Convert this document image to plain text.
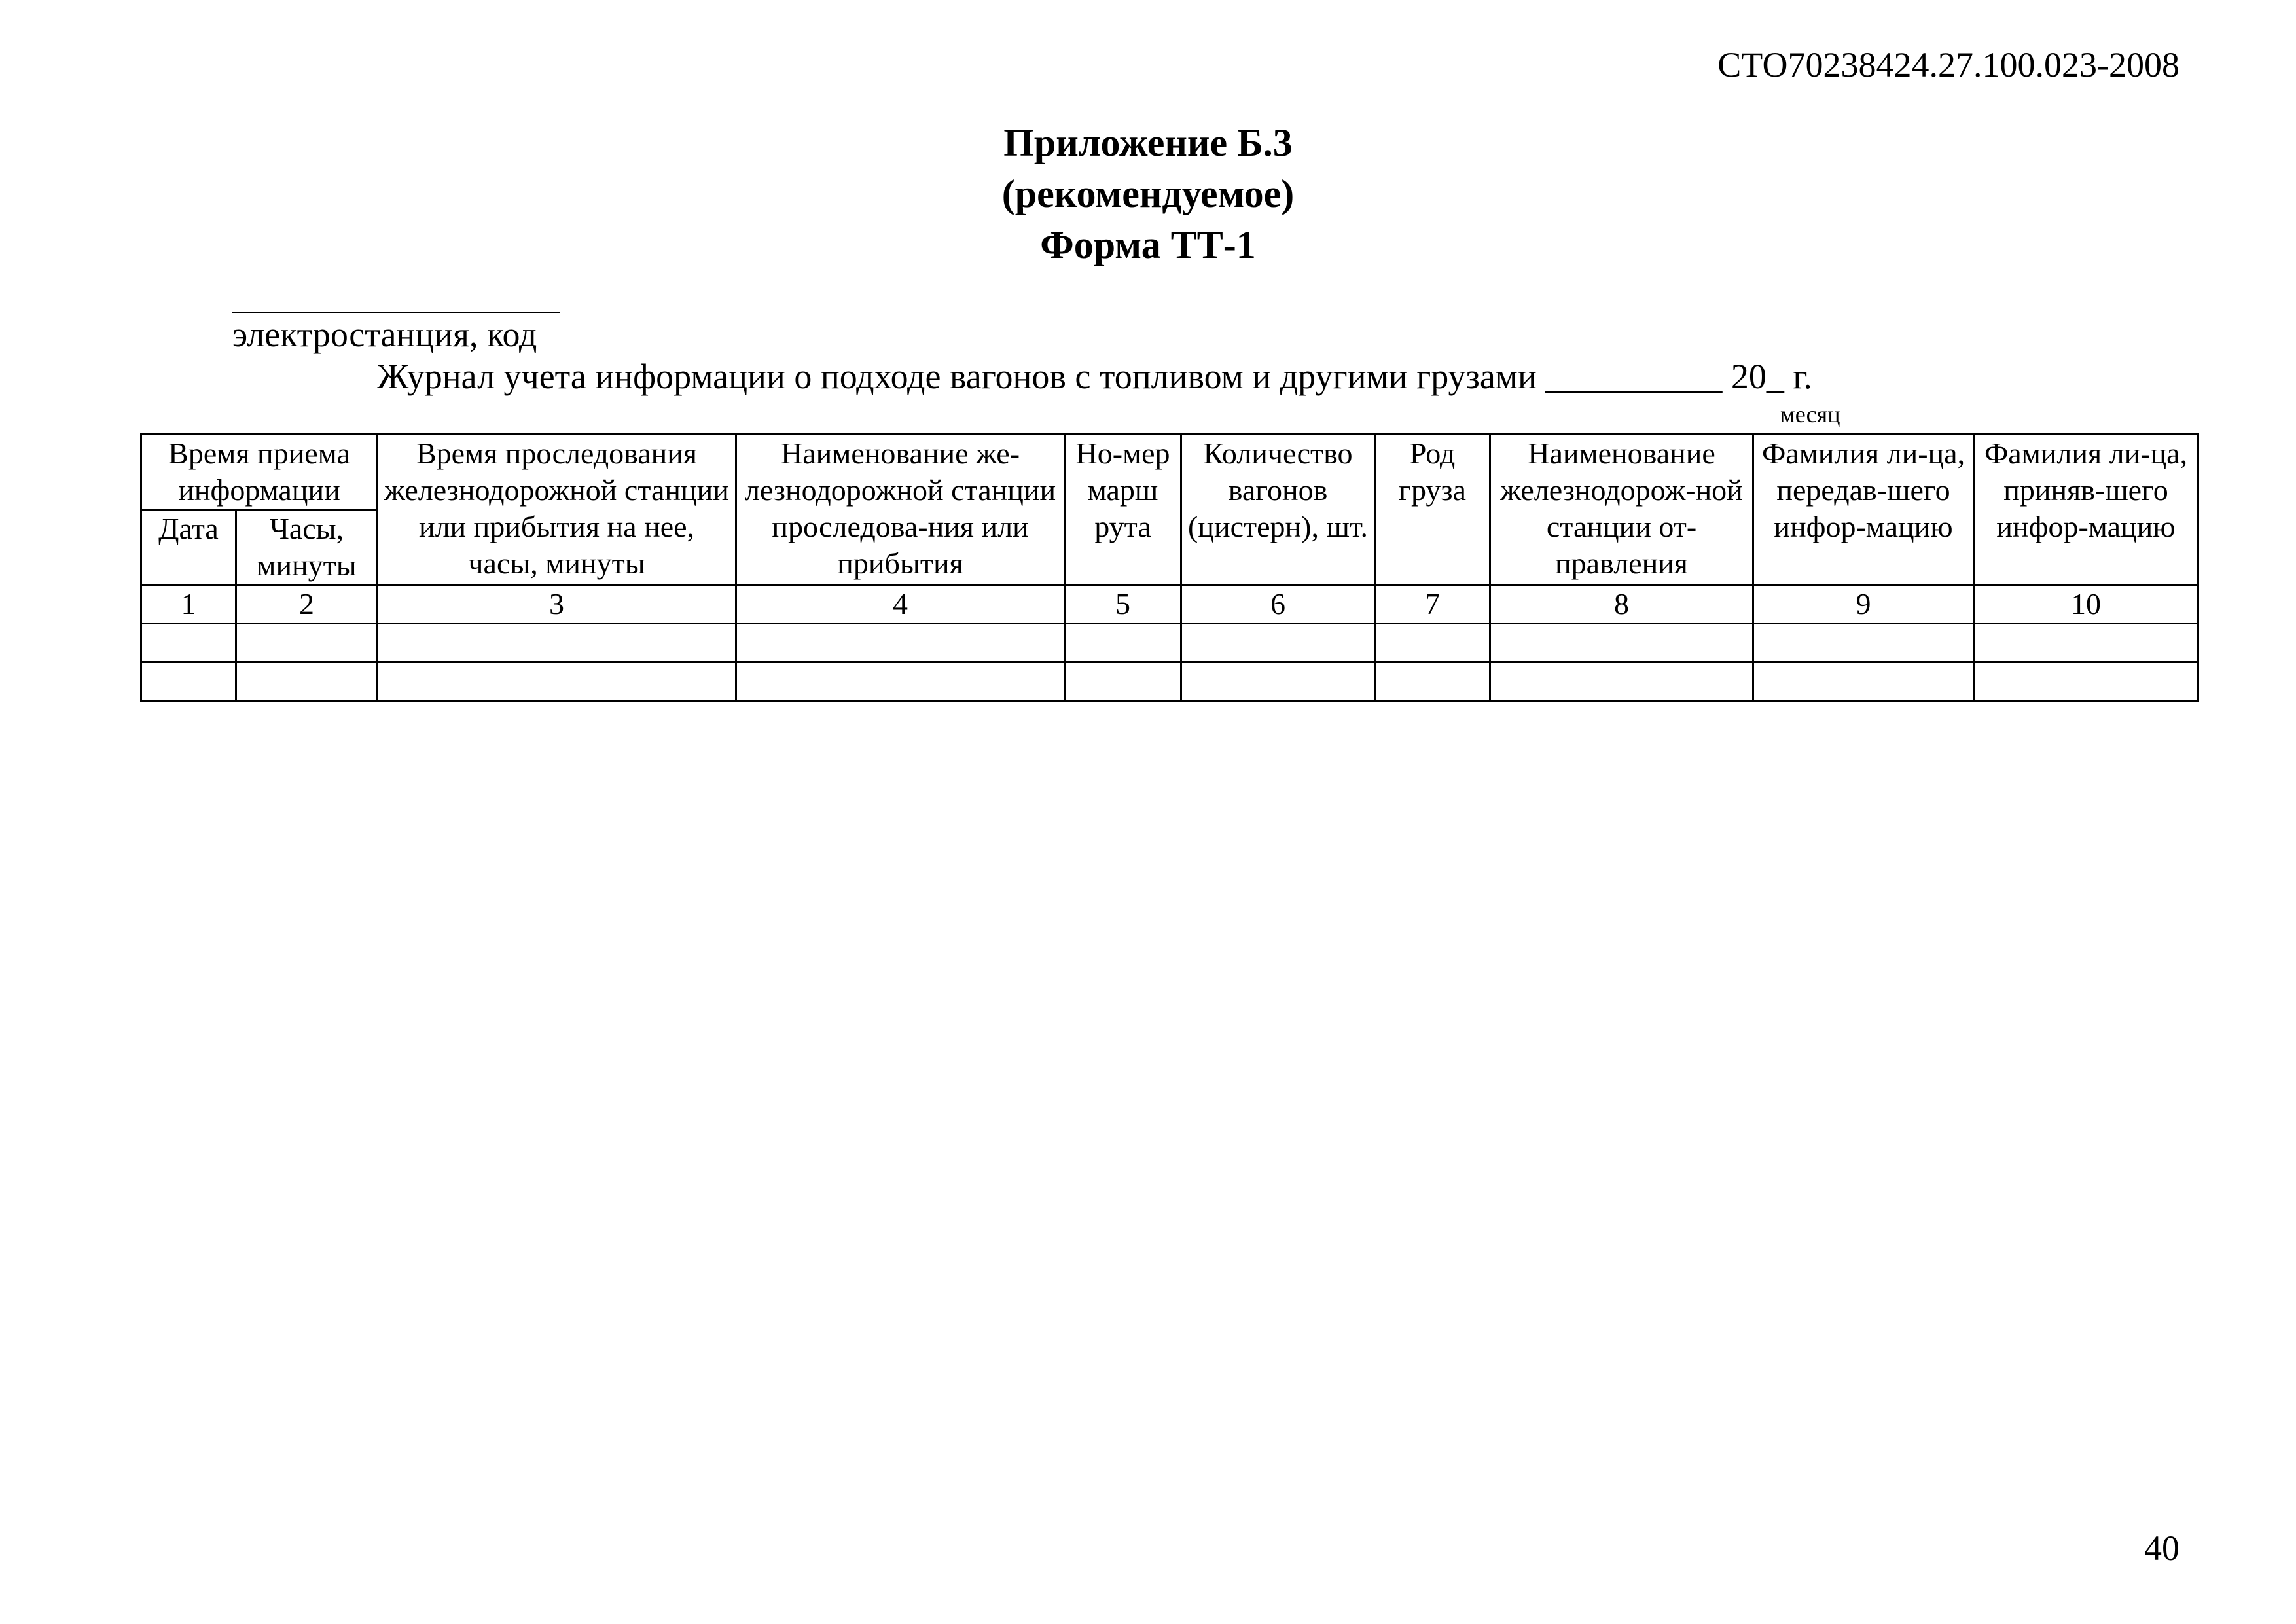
СТО70238424.27.100.023-2008
Приложение Б.3
(рекомендуемое)
Форма ТТ-1
электростанция, код
Журнал учета информации о подходе вагонов с топливом и другими грузами __________ 20_ г.
месяц
Время приема информации		Время проследования железнодорожной станции или прибытия на нее, часы, минуты	Наименование же-лезнодорожной станции проследова-ния или прибытия	Но-мер марш рута	Количество вагонов (цистерн), шт.	Род груза	Наименование железнодорож-ной станции от-правления	Фамилия ли-ца, передав-шего инфор-мацию	Фамилия ли-ца, приняв-шего инфор-мацию
Дата	Часы, минуты								
1	2	3	4	5	6	7	8	9	10

40
